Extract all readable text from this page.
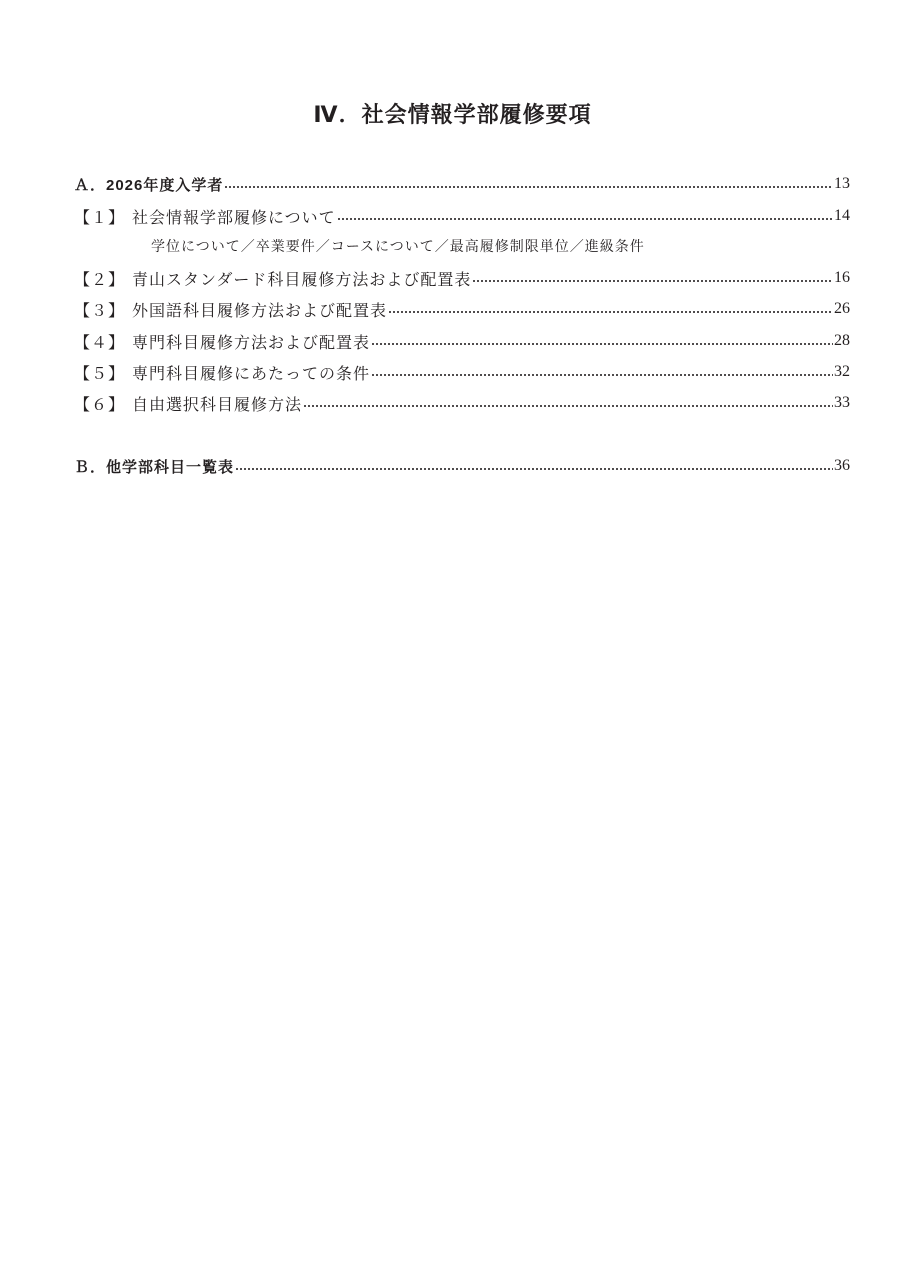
Ⅳ．社会情報学部履修要項
Ａ．2026年度入学者	13
【１】 社会情報学部履修について	14
学位について／卒業要件／コースについて／最高履修制限単位／進級条件
【２】 青山スタンダード科目履修方法および配置表	16
【３】 外国語科目履修方法および配置表	26
【４】 専門科目履修方法および配置表	28
【５】 専門科目履修にあたっての条件	32
【６】 自由選択科目履修方法	33
Ｂ．他学部科目一覧表	36
